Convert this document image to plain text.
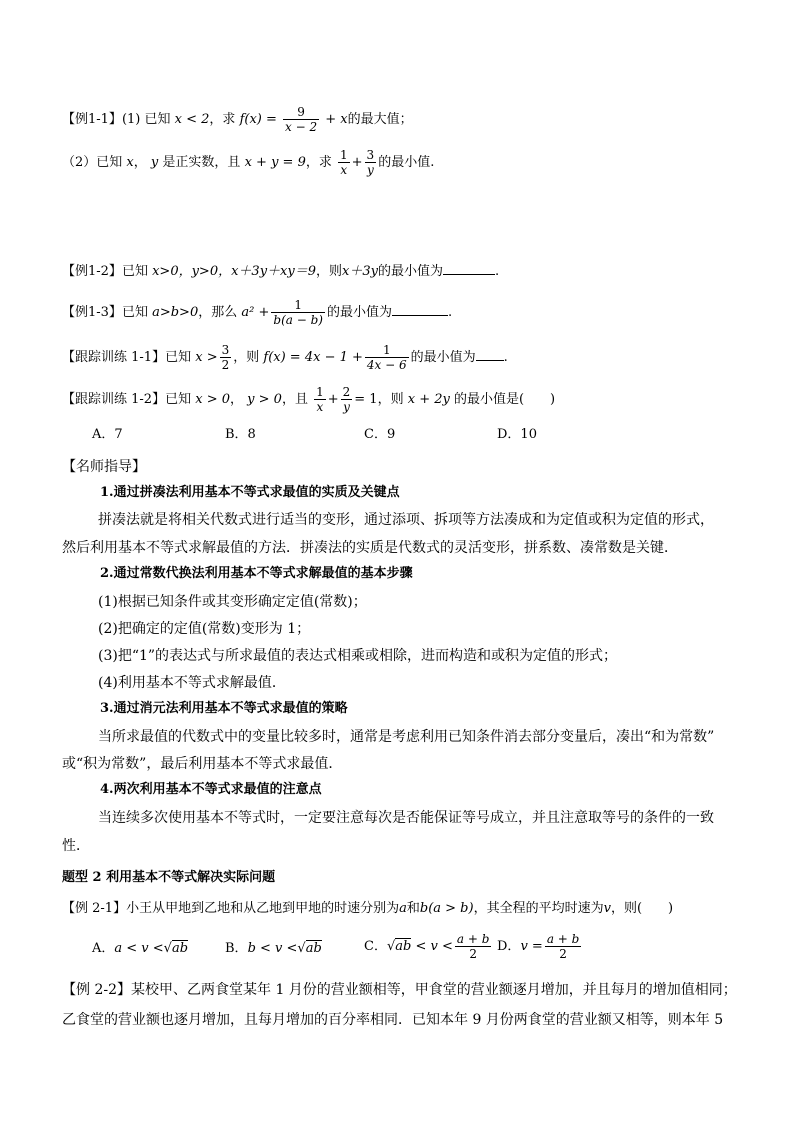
【例1-1】(1) 已知 x < 2，求 $f(x) = \frac{9}{x - 2} + x$的最大值；
（2）已知 x， y 是正实数，且 x + y = 9，求 $\frac{1}{x} + \frac{3}{y}$ 的最小值.
【例1-2】已知 x>0，y>0，x＋3y＋xy＝9，则x＋3y的最小值为	.
【例1-3】已知 a>b>0，那么 $a^2 + \frac{1}{b(a - b)}$ 的最小值为	.
【跟踪训练 1-1】已知 $x > \frac{3}{2}$ ，则 $f(x) = 4x - 1 + \frac{1}{4x - 6}$ 的最小值为 .
【跟踪训练 1-2】已知 x > 0， y > 0，且 $\frac{1}{x} + \frac{2}{y} = 1$，则 x + 2y 的最小值是(　　)
A．7	B．8	C．9	D．10
【名师指导】
1.通过拼凑法利用基本不等式求最值的实质及关键点
拼凑法就是将相关代数式进行适当的变形，通过添项、拆项等方法凑成和为定值或积为定值的形式，
然后利用基本不等式求解最值的方法．拼凑法的实质是代数式的灵活变形，拼系数、凑常数是关键．
2.通过常数代换法利用基本不等式求解最值的基本步骤
(1)根据已知条件或其变形确定定值(常数)；
(2)把确定的定值(常数)变形为 1；
(3)把“1”的表达式与所求最值的表达式相乘或相除，进而构造和或积为定值的形式；
(4)利用基本不等式求解最值．
3.通过消元法利用基本不等式求最值的策略
当所求最值的代数式中的变量比较多时，通常是考虑利用已知条件消去部分变量后，凑出“和为常数”
或“积为常数”，最后利用基本不等式求最值．
4.两次利用基本不等式求最值的注意点
当连续多次使用基本不等式时，一定要注意每次是否能保证等号成立，并且注意取等号的条件的一致
性．
题型 2 利用基本不等式解决实际问题
【例 2-1】小王从甲地到乙地和从乙地到甲地的时速分别为a和b(a > b)，其全程的平均时速为v，则(　　)
A．a < v <√ab	B．b < v <√ab	C．$√ab < v < \frac{a + b}{2}$ D．$v = \frac{a + b}{2}$
【例 2-2】某校甲、乙两食堂某年 1 月份的营业额相等，甲食堂的营业额逐月增加，并且每月的增加值相同；
乙食堂的营业额也逐月增加，且每月增加的百分率相同．已知本年 9 月份两食堂的营业额又相等，则本年 5
